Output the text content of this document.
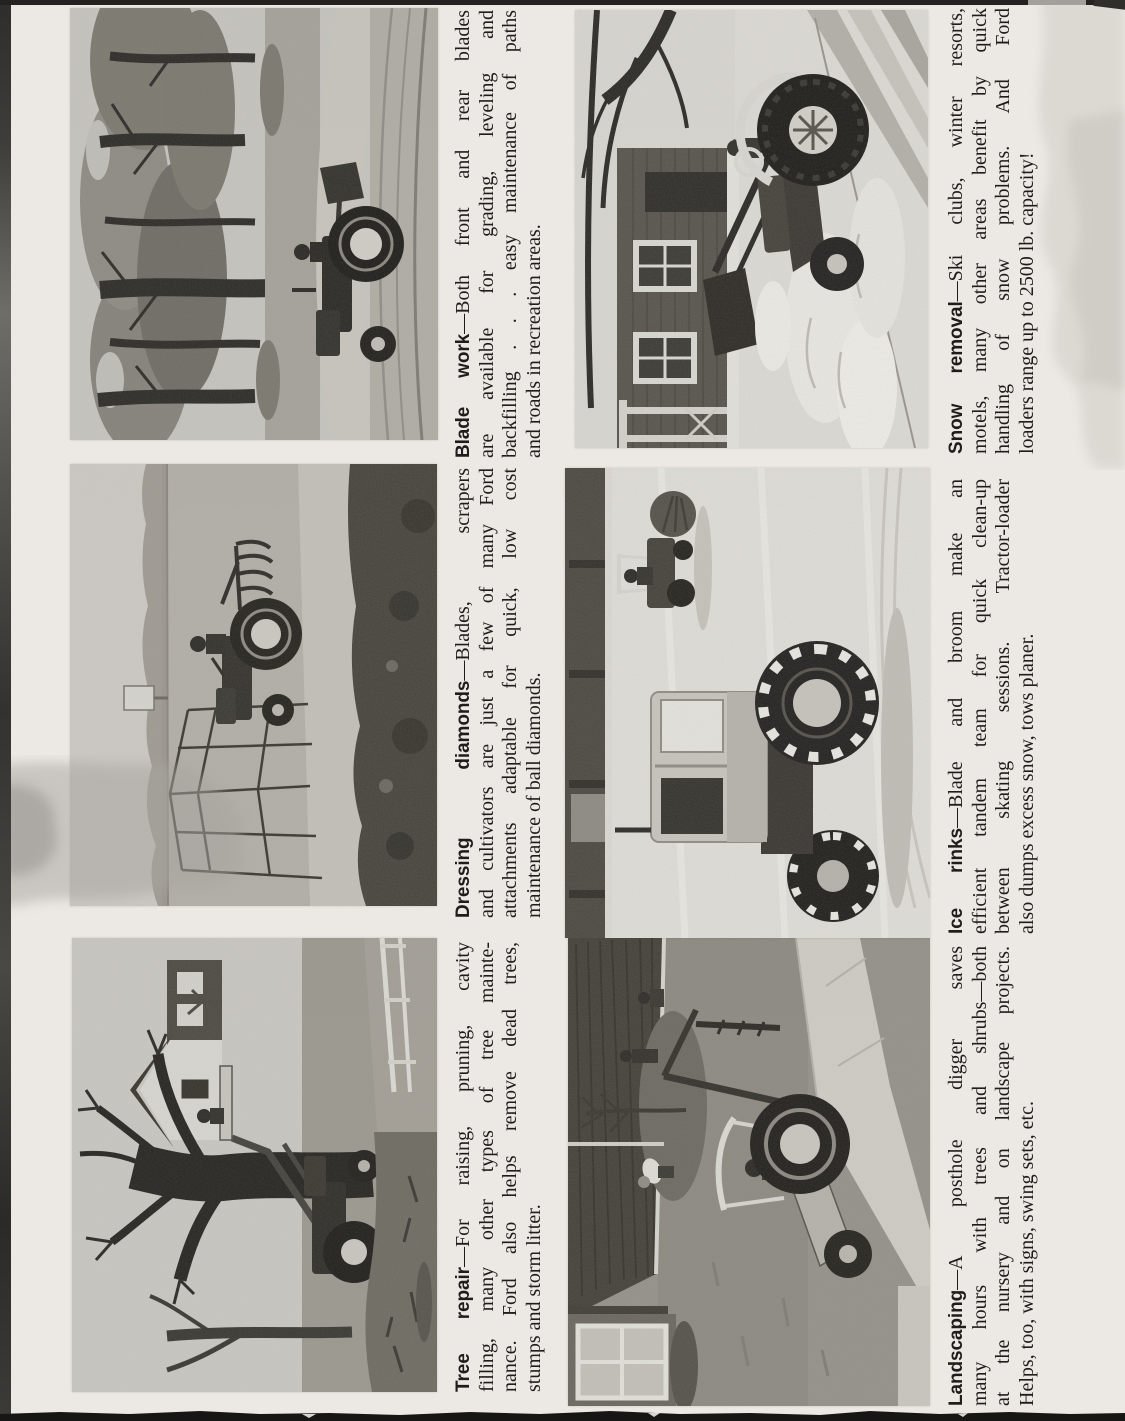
Tree repair—For raising, pruning, cavity filling, many other types of tree mainte- nance. Ford also helps remove dead trees, stumps and storm litter.
Dressing diamonds—Blades, scrapers and cultivators are just a few of many Ford attachments adaptable for quick, low cost maintenance of ball diamonds.
Blade work—Both front and rear blades are available for grading, leveling and backfilling . . . easy maintenance of paths and roads in recreation areas.
Landscaping—A posthole digger saves many hours with trees and shrubs—both at the nursery and on landscape projects. Helps, too, with signs, swing sets, etc.
Ice rinks—Blade and broom make an efficient tandem team for quick clean-up between skating sessions. Tractor-loader also dumps excess snow, tows planer.
Snow removal—Ski clubs, winter resorts, motels, many other areas benefit by quick handling of snow problems. And Ford loaders range up to 2500 lb. capacity!
